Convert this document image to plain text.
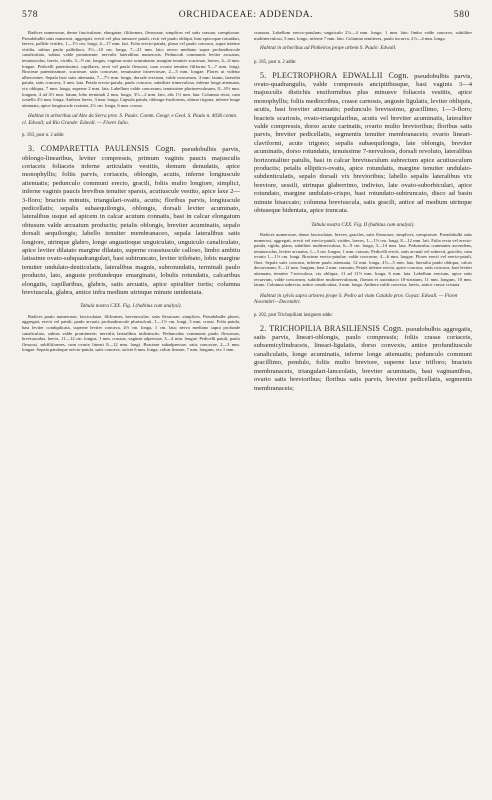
578	ORCHIDACEAE: ADDENDA.	580

Radices numerosae, dense fasciculatae, elongatae, filiformes, flexuosae, simplices vel satis crassae, caespitosae. Pseudobulbi satis numerosi, aggregati, erecti vel plus minusve patuli, recti vel paulo obliqui, basi episcopae rotundati, laeves, pallide virides, 1—1½ cm. longi, 4—17 mm. lati. Folia erecto-patula, plana vel paulo concava, supra intense viridia, subtus paulo pallidiora, 3½—10 cm. longa, 7—21 mm. lato; nervo mediano supra profundiuscule canaliculato, subtus valde prominente; nervulis lateralibus numerosis. Pedunculi communis leviter arcuatus, tenuiusculus, laevis, viridis, 3—9 cm. longus; vaginae acute acuminatae, margine tenuiter scariosae, laeves, 4—6 mm. longae. Pedicelli patentissimi, capillares, recti vel paulo flexuosi, cum ovario tenuiter filiformi 5—7 mm. longi. Bracteae patentissimae, scariosae, satis concavae, tenuissime trinerviosae, 2—5 mm. longae. Flores ut videtur albescentes. Sepala basi satis attenuata, 7—7½ mm. longa, dorsale erectum, valde concavum, 4 mm. latum, lateralia patula, satis concava, 3 mm. lata. Petala erecto-patula, paulo concava, subtiliter trinervulosa, inferne longe attenuata, vix obliqua, 7 mm. longa, superne 2 mm. lata. Labellum valde concavum, tenuissime plurinervulosum, 8—8½ mm. longum, 4 ad 4½ mm. latum; lobo terminali 2 mm. longo, 3½—2 mm. lato, alis 1½ mm. lata. Columna recta, cum rostello 4½ mm. longa. Anthera laevis, 3 mm. longa. Capsula patula, oblongo-fusiformis, obtuse trigona, inferne longe attenuata, apice longiuscule rostrata, 2½ cm. longa, 6 mm. crassa.

Habitat in arboribus ad Alto da Serra prov. S. Paulo: Comm. Geogr. e Geol. S. Paulo n. 4036 comm. cl. Edwall; ad Rio Grande: Edwall. — Floret Julio.

p. 183, post n. 2 adde:

3. COMPARETTIA PAULENSIS Cogn. pseudobulbis parvis, oblongo-linearibus, leviter compressis, primum vaginis paucis majusculis coriaceis foliaceis inferne articulatis vestitis, demum denudatis, apice monophyllis; foliis parvis, coriaceis, oblongis, acutis, inferne longiuscule attenuatis; pedunculo communi erecto, gracili, foliis multo longiore, simplici, inferne vaginis paucis brevibus tenuiter sparsis, acutiuscule vestito, apice laxe 2—3-floro; bracteis minutis, triangulari-ovatis, acutis; floribus parvis, longiuscule pedicellatis; sepalis subaequilongis, oblongis, dorsali leviter acuminato, lateralibus usque ad apicem in calcar acutum connatis, basi in calcar elongatum obtusum valde arcuatum productis; petalis oblongis, breviter acuminatis, sepalo dorsali aequilongis; labello tenuiter membranaceo, sepala lateralibus satis longiore, utrinque glabro, longe angustioque unguiculato, unguiculo canaliculato, apice leviter dilatato margine dilatato, superne crassiuscule calloso, limbo ambitu latissime ovato-subquadrangulari, basi subtruncato, leviter trilobato, lobis margine tenuiter undulato-denticulatis, lateralibus magnis, subrotundatis, terminali paulo producto, lato, anguste profundeque emarginato, lobulis rotundatis, calcaribus elongatis, capillaribus, glabris, satis arcuatis, apice spiraliter tortis; columna breviuscula, glabra, antice infra medium utrinque minute unidentata.

Tabula nostra CXX. Fig. I (habitus cum analysi).

Radices paulo numerosae, fasciculatae, filiformes, breviusculae, satis flexuosae, simplices. Pseudobulbi plures, aggregati, erecti vel patuli, paulo arcuati, profundiuscule plurisulcati, 1—1½ cm. longi, 3 mm. crassi. Folia patula, basi leviter conduplicata, superne leviter concava, 4½ cm. longa, 1 cm. lata; nervo mediano supra profunde canaliculato, subtus valde prominente; nervulis lateralibus indistinctis. Pedunculus communis paulo flexuosus, breviusculus, laevis, 11—12 cm. longus, 1 mm. crassus; vaginae adpressae, 3—4 mm. longae. Pedicelli patuli, paulo flexuosi, subfiliformes, cum ovario lineari 8—12 mm. longi. Bracteae subadpressae, satis concavae, 2—3 mm. longae. Sepala patulaque erecto-patula, satis concava, stricte 6 mm. longa; calcar lineare, 7 mm. longum, vix 1 mm.

crassum. Labellum erecto-patulum; unguiculo 2½—4 mm. longo, 1 mm. lato; limbo valde concavo, subtiliter multinervuloso, 5 mm. longo, inferne 7 mm. lato. Columna semiteres, paulo incurva, 2½—4 mm. longa.

Habitat in arboribus ad Pinheiros prope urbem S. Paulo: Edwall.

p. 185, post n. 2 adde:

5. PLECTROPHORA EDWALLII Cogn. pseudobulbis parvis, ovato-quadrangulis, valde compressis ancipitibusque, basi vaginis 3—4 majusculis distichis ensiformibus plus minusve foliaceis vestitis, apice monophyllis; foliis mediocribus, crasse carnosis, anguste ligulatis, leviter obliquis, acutis, basi breviter attenuatis; pedunculo brevissimo, gracillimo, 1—3-floro; bracteis scariosis, ovato-triangularibus, acutis vel breviter acuminatis, lateraliter valde compressis, dorso acute carinatis, ovario multo brevioribus; floribus satis parvis, breviter pedicellatis, segmentis tenuiter membranaceis; ovario lineari-claviformi, acute trigono; sepalis subaequilongis, late oblongis, breviter acuminatis, dorso rotundatis, tenuissime 7-nervulosis, dorsali revoluto, lateralibus horizontaliter patulis, basi in calcar breviusculum subrectum apice acutiusculum productis; petalis elliptico-ovatis, apice rotundatis, margine tenuiter undulato-subdenticulatis, sepalo dorsali vix brevioribus; labello sepalis lateralibus vix breviore, sessili, utrinque glaberrimo, indiviso, late ovato-suborbiculari, apice rotundato, margine undulato-crispo, basi rotundato-subtruncato, disco ad basin minute bisaccato; columna breviuscula, satis gracili, antice ad medium utrinque obtuseque bidentata, apice truncata.

Tabula nostra CXX. Fig. II (habitus cum analysi).

Radices numerosae, dense fasciculatae, breves, graciles, satis flexuosae, simplices, caespitosae. Pseudobulbi satis numerosi, aggregati, erecti vel erecto-patuli, virides, laeves, 1—1½ cm. longi, 8—12 mm. lati. Folia recta vel erecto-patula, rigida, plana, subtiliter multinervulosa, 6—9 cm. longa, 3—14 mm. lata. Pedunculus communis ascendens, tenuiusculus, leviter arcuatus, 1—3 cm. longus, 1 mm. crassus. Pedicelli erecti, satis arcuati vel subrecti, graciles, cum ovario 1—1½ cm. longi. Bracteae erecto-patulae, valde concavae, 4—6 mm. longae. Flores erecti vel erecto-patuli, flavi. Sepala satis concava, inferne paulo attenuata, 12 mm. longa, 4½—5 mm. lata, lateralia paulo obliqua; calcar decurvatum, 9—12 mm. longum, basi 2 mm. crassum. Petala inferne erecta, apice concava, satis concava, basi leviter attenuata, tenuiter 7-nervulosa, vix obliqua, 11 ad 11½ mm. longa, 6 mm. lata. Labellum erectum, apice satis recurvum, valde concavum, subtiliter multinervulosum, flavum et aurantiaco 10-striatum, 11 mm. longum, 10 mm. latum. Columna subrecta, antice canaliculata, 4 mm. longa. Anthera valde convexa, laevis, antice crasse cristata.

Habitat in sylvis supra arbores prope S. Pedro ad viam Cataldo prov. Goyaz: Edwall. — Floret Novembri—Decembri.

p. 202, post Trichopiliam insignem adde:

2. TRICHOPILIA BRASILIENSIS Cogn. pseudobulbis aggregatis, satis parvis, lineari-oblongis, paulo compressis; foliis crasse coriaceis, subsemicylindraceis, lineari-ligulatis, dorso convexis, antice profundiuscule canaliculatis, longe acuminatis, inferne longe attenuatis; pedunculo communi gracillimo, pendulo, foliis multo breviore, superne laxe trifloro; bracteis membranaceis, triangulari-lanceolatis, breviter acuminatis, basi vaginantibus, ovario satis brevioribus; floribus satis parvis, breviter pedicellatis, segmentis membranaceis;
